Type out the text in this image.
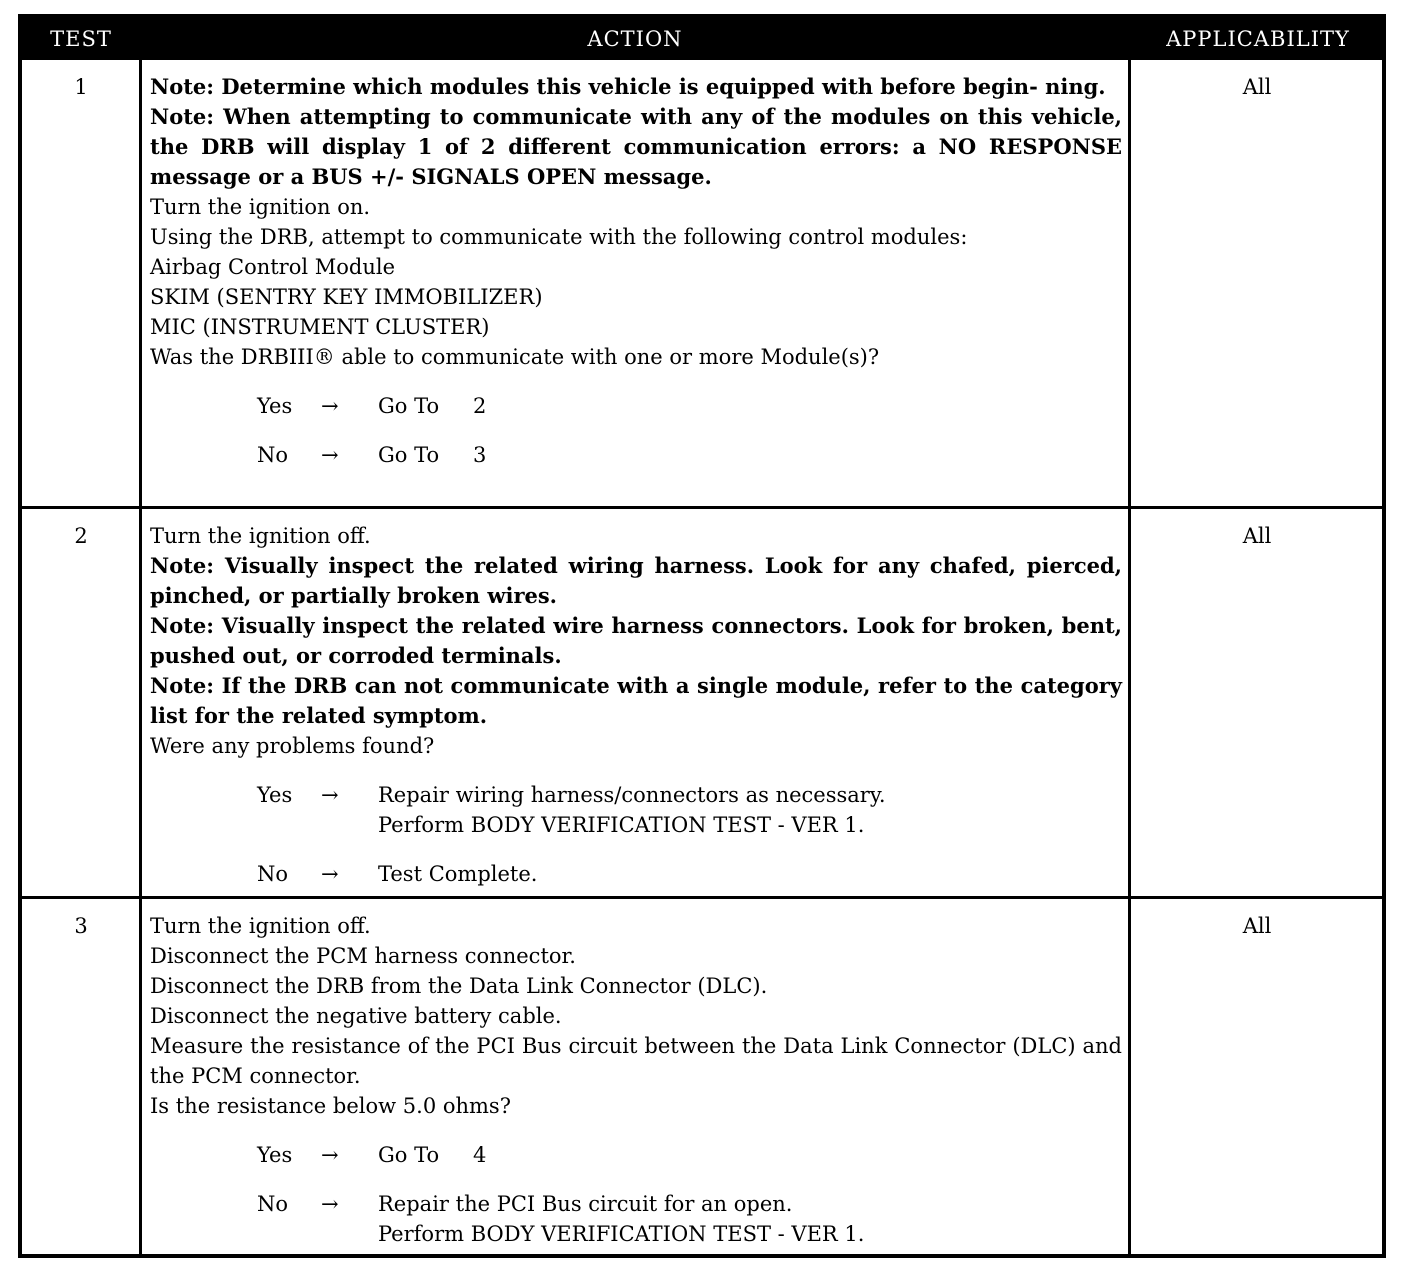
TEST	ACTION	APPLICABILITY
1	Note: Determine which modules this vehicle is equipped with before begin- ning.

Note: When attempting to communicate with any of the modules on this vehicle, the DRB will display 1 of 2 different communication errors: a NO RESPONSE message or a BUS +/- SIGNALS OPEN message.

Turn the ignition on.

Using the DRB, attempt to communicate with the following control modules:

Airbag Control Module

SKIM (SENTRY KEY IMMOBILIZER)

MIC (INSTRUMENT CLUSTER)

Was the DRBIII® able to communicate with one or more Module(s)?

Yes	→	Go To 2
No	→	Go To 3
All
2	Turn the ignition off.

Note: Visually inspect the related wiring harness. Look for any chafed, pierced, pinched, or partially broken wires.

Note: Visually inspect the related wire harness connectors. Look for broken, bent, pushed out, or corroded terminals.

Note: If the DRB can not communicate with a single module, refer to the category list for the related symptom.

Were any problems found?

Yes	→	Repair wiring harness/connectors as necessary.
Perform BODY VERIFICATION TEST - VER 1.
No	→	Test Complete.
All
3	Turn the ignition off.

Disconnect the PCM harness connector.

Disconnect the DRB from the Data Link Connector (DLC).

Disconnect the negative battery cable.

Measure the resistance of the PCI Bus circuit between the Data Link Connector (DLC) and the PCM connector.

Is the resistance below 5.0 ohms?

Yes	→	Go To 4
No	→	Repair the PCI Bus circuit for an open.
Perform BODY VERIFICATION TEST - VER 1.
All
